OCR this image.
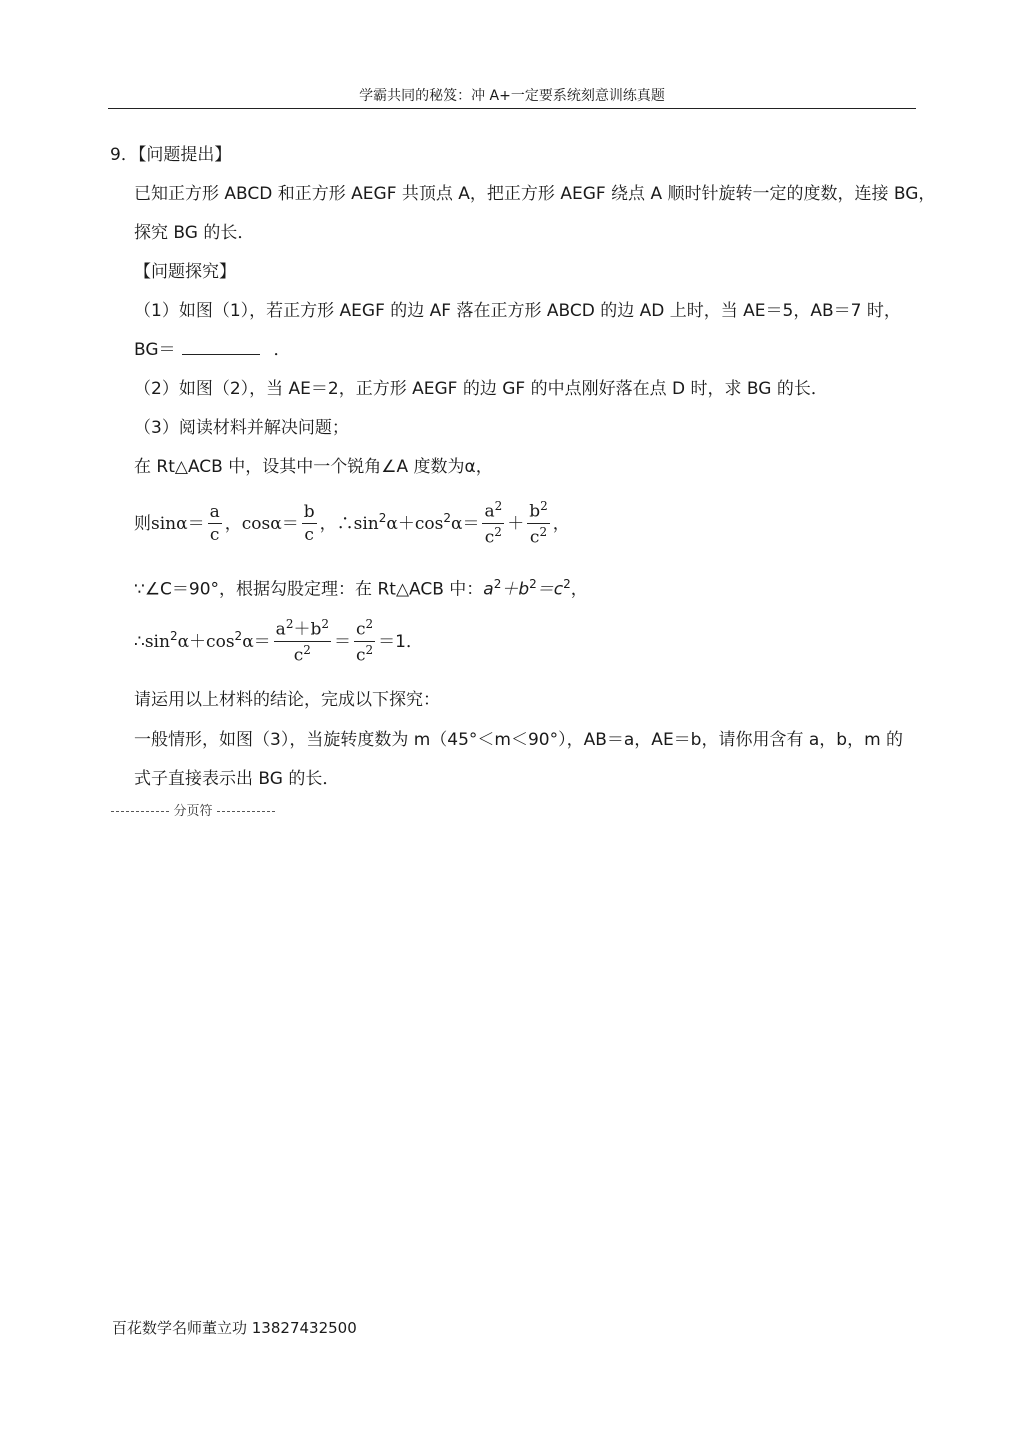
学霸共同的秘笈：冲 A+一定要系统刻意训练真题
9．【问题提出】
已知正方形 ABCD 和正方形 AEGF 共顶点 A，把正方形 AEGF 绕点 A 顺时针旋转一定的度数，连接 BG，
探究 BG 的长．
【问题探究】
（1）如图（1），若正方形 AEGF 的边 AF 落在正方形 ABCD 的边 AD 上时，当 AE＝5，AB＝7 时，
BG＝	．
（2）如图（2），当 AE＝2，正方形 AEGF 的边 GF 的中点刚好落在点 D 时，求 BG 的长．
（3）阅读材料并解决问题；
在 Rt△ACB 中，设其中一个锐角∠A 度数为α，
则$\sin\alpha= \frac{a}{c}$ ，$\cos\alpha= \frac{b}{c}$ ，$\therefore\sin^2\alpha+\cos^2\alpha= \frac{a^2}{c^2} + \frac{b^2}{c^2}$ ，
∵∠C＝90°，根据勾股定理：在 Rt△ACB 中：$a^2+b^2=c^2$，
$\therefore\sin^2\alpha+\cos^2\alpha= \frac{a^2+b^2}{c^2} = \frac{c^2}{c^2} =1$．
请运用以上材料的结论，完成以下探究：
一般情形，如图（3），当旋转度数为 m（45°＜m＜90°），AB＝a，AE＝b，请你用含有 a，b，m 的
式子直接表示出 BG 的长．
分页符
百花数学名师董立功 13827432500
